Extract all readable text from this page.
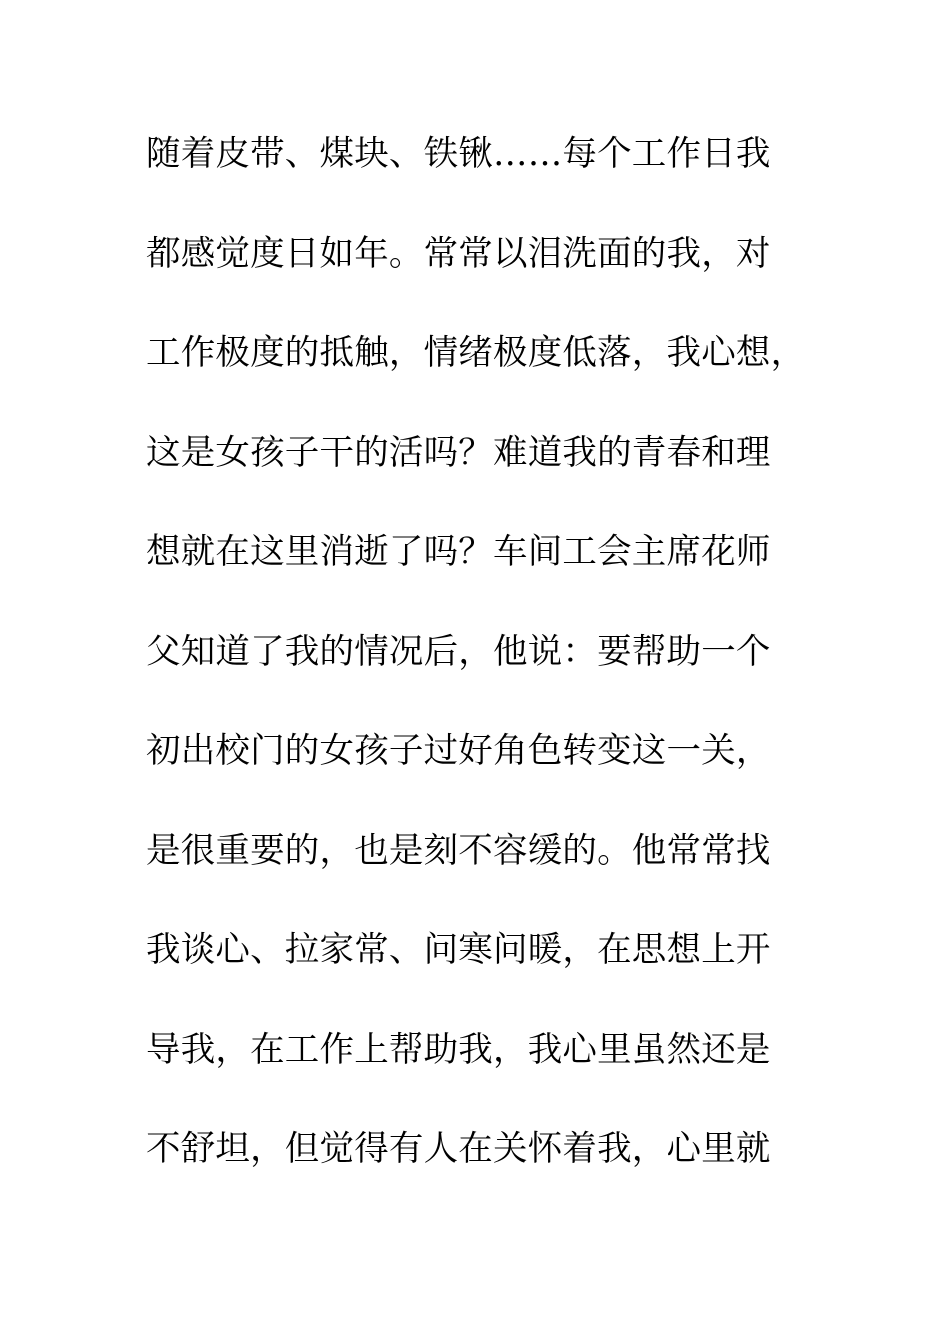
随着皮带、煤块、铁锹……每个工作日我
都感觉度日如年。常常以泪洗面的我，对
工作极度的抵触，情绪极度低落，我心想，
这是女孩子干的活吗？难道我的青春和理
想就在这里消逝了吗？车间工会主席花师
父知道了我的情况后，他说：要帮助一个
初出校门的女孩子过好角色转变这一关，
是很重要的，也是刻不容缓的。他常常找
我谈心、拉家常、问寒问暖，在思想上开
导我，在工作上帮助我，我心里虽然还是
不舒坦，但觉得有人在关怀着我，心里就
